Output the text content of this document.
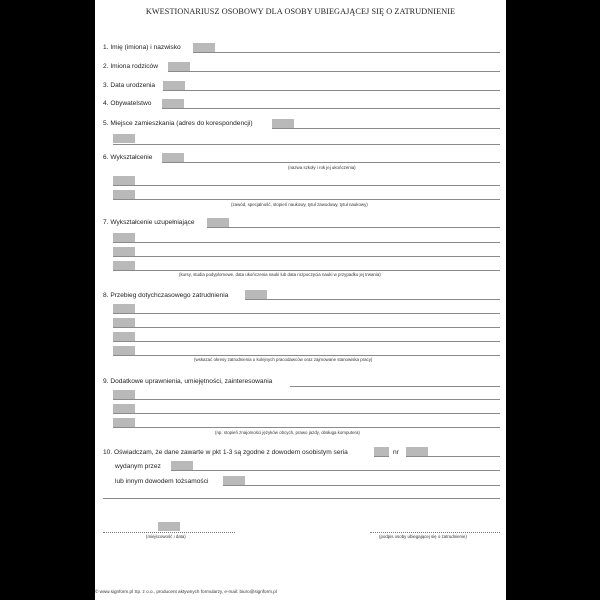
KWESTIONARIUSZ OSOBOWY DLA OSOBY UBIEGAJĄCEJ SIĘ O ZATRUDNIENIE
1. Imię (imiona) i nazwisko
2. Imiona rodziców
3. Data urodzenia
4. Obywatelstwo
5. Miejsce zamieszkania (adres do korespondencji)
6. Wykształcenie
(nazwa szkoły i rok jej ukończenia)
(zawód, specjalność, stopień naukowy, tytuł zawodowy, tytuł naukowy)
7. Wykształcenie uzupełniające
(kursy, studia podyplomowe, data ukończenia nauki lub data rozpoczęcia nauki w przypadku jej trwania)
8. Przebieg dotychczasowego zatrudnienia
(wskazać okresy zatrudnienia u kolejnych pracodawców oraz zajmowane stanowiska pracy)
9. Dodatkowe uprawnienia, umiejętności, zainteresowania
(np. stopień znajomości języków obcych, prawo jazdy, obsługa komputera)
10. Oświadczam, że dane zawarte w pkt 1-3 są zgodne z dowodem osobistym seria	nr
wydanym przez
lub innym dowodem tożsamości
(miejscowość i data)	(podpis osoby ubiegającej się o zatrudnienie)
© www.signform.pl Sp. z o.o., producent aktywnych formularzy, e-mail: biuro@signform.pl
